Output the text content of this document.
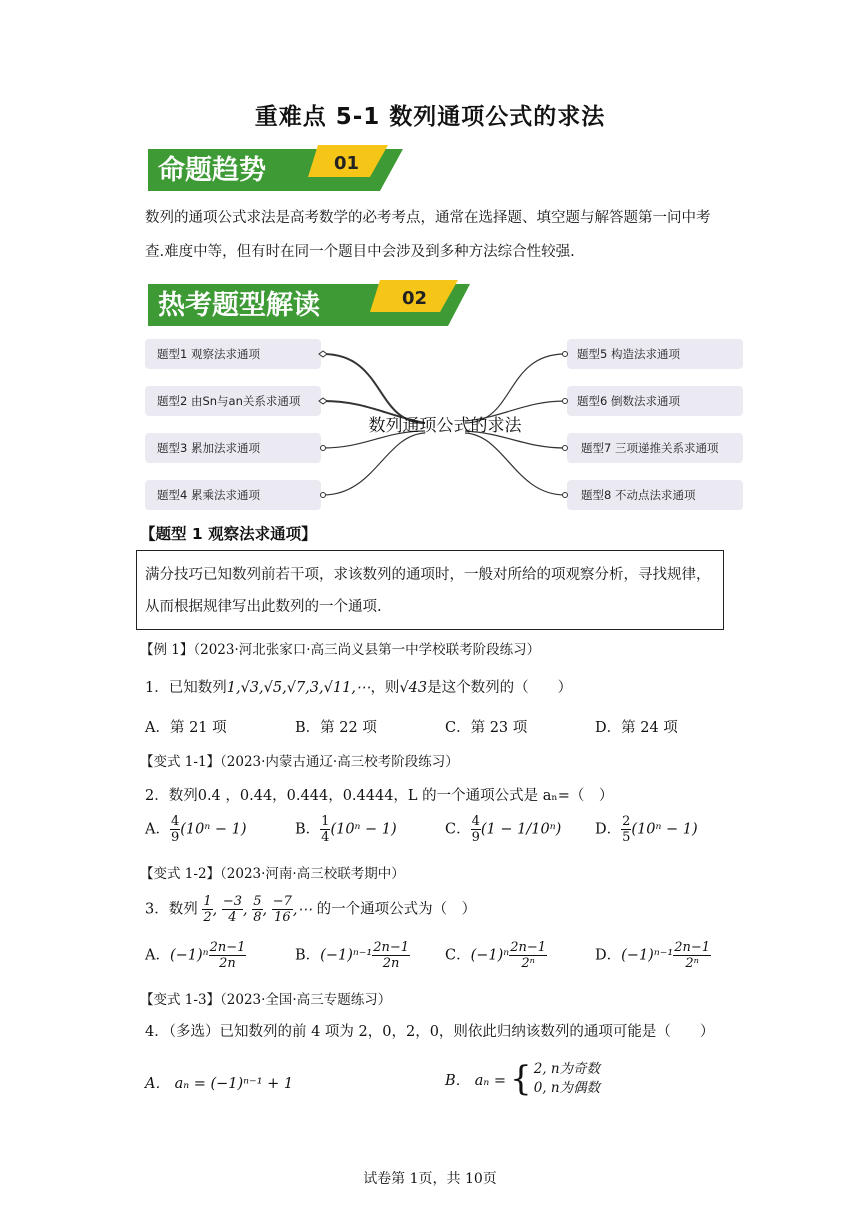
重难点 5-1 数列通项公式的求法
命题趋势	01
数列的通项公式求法是高考数学的必考考点，通常在选择题、填空题与解答题第一问中考查.难度中等，但有时在同一个题目中会涉及到多种方法综合性较强.
热考题型解读	02
题型1 观察法求通项
题型2 由Sn与an关系求通项
题型3 累加法求通项
题型4 累乘法求通项
题型5 构造法求通项
题型6 倒数法求通项
题型7 三项递推关系求通项
题型8 不动点法求通项
数列通项公式的求法
【题型 1 观察法求通项】
满分技巧已知数列前若干项，求该数列的通项时，一般对所给的项观察分析，寻找规律，从而根据规律写出此数列的一个通项.
【例 1】（2023·河北张家口·高三尚义县第一中学校联考阶段练习）
1．已知数列1,√3,√5,√7,3,√11,⋯，则√43是这个数列的（　　）
A．第 21 项	B．第 22 项	C．第 23 项	D．第 24 项
【变式 1-1】（2023·内蒙古通辽·高三校考阶段练习）
2．数列0.4 ，0.44，0.444，0.4444，L 的一个通项公式是 aₙ=（　）
A． $\frac{4}{9} (10^n - 1)$	B． $\frac{1}{4} (10^n - 1)$	C． $\frac{4}{9} (1 - 1/10^n)$ D． $\frac{2}{5} (10^n - 1)$
【变式 1-2】（2023·河南·高三校联考期中）
3．数列 $\frac{1}{2}$ , $\frac{-3}{4}$ , $\frac{5}{8}$ , $\frac{-7}{16}$ ,⋯ 的一个通项公式为（　）
A．$(-1)^n \frac{2n-1}{2n}$	B．$(-1)^{n-1} \frac{2n-1}{2n}$ C．$(-1)^n \frac{2n-1}{\text{2ⁿ}}$	D．$(-1)^{n-1} \frac{2n-1}{\text{2ⁿ}}$
【变式 1-3】（2023·全国·高三专题练习）
4．（多选）已知数列的前 4 项为 2，0，2，0，则依此归纳该数列的通项可能是（　　）
A． aₙ = (−1)ⁿ⁻¹ + 1	B． aₙ = { 2, n为奇数
0, n为偶数
试卷第 1页，共 10页
